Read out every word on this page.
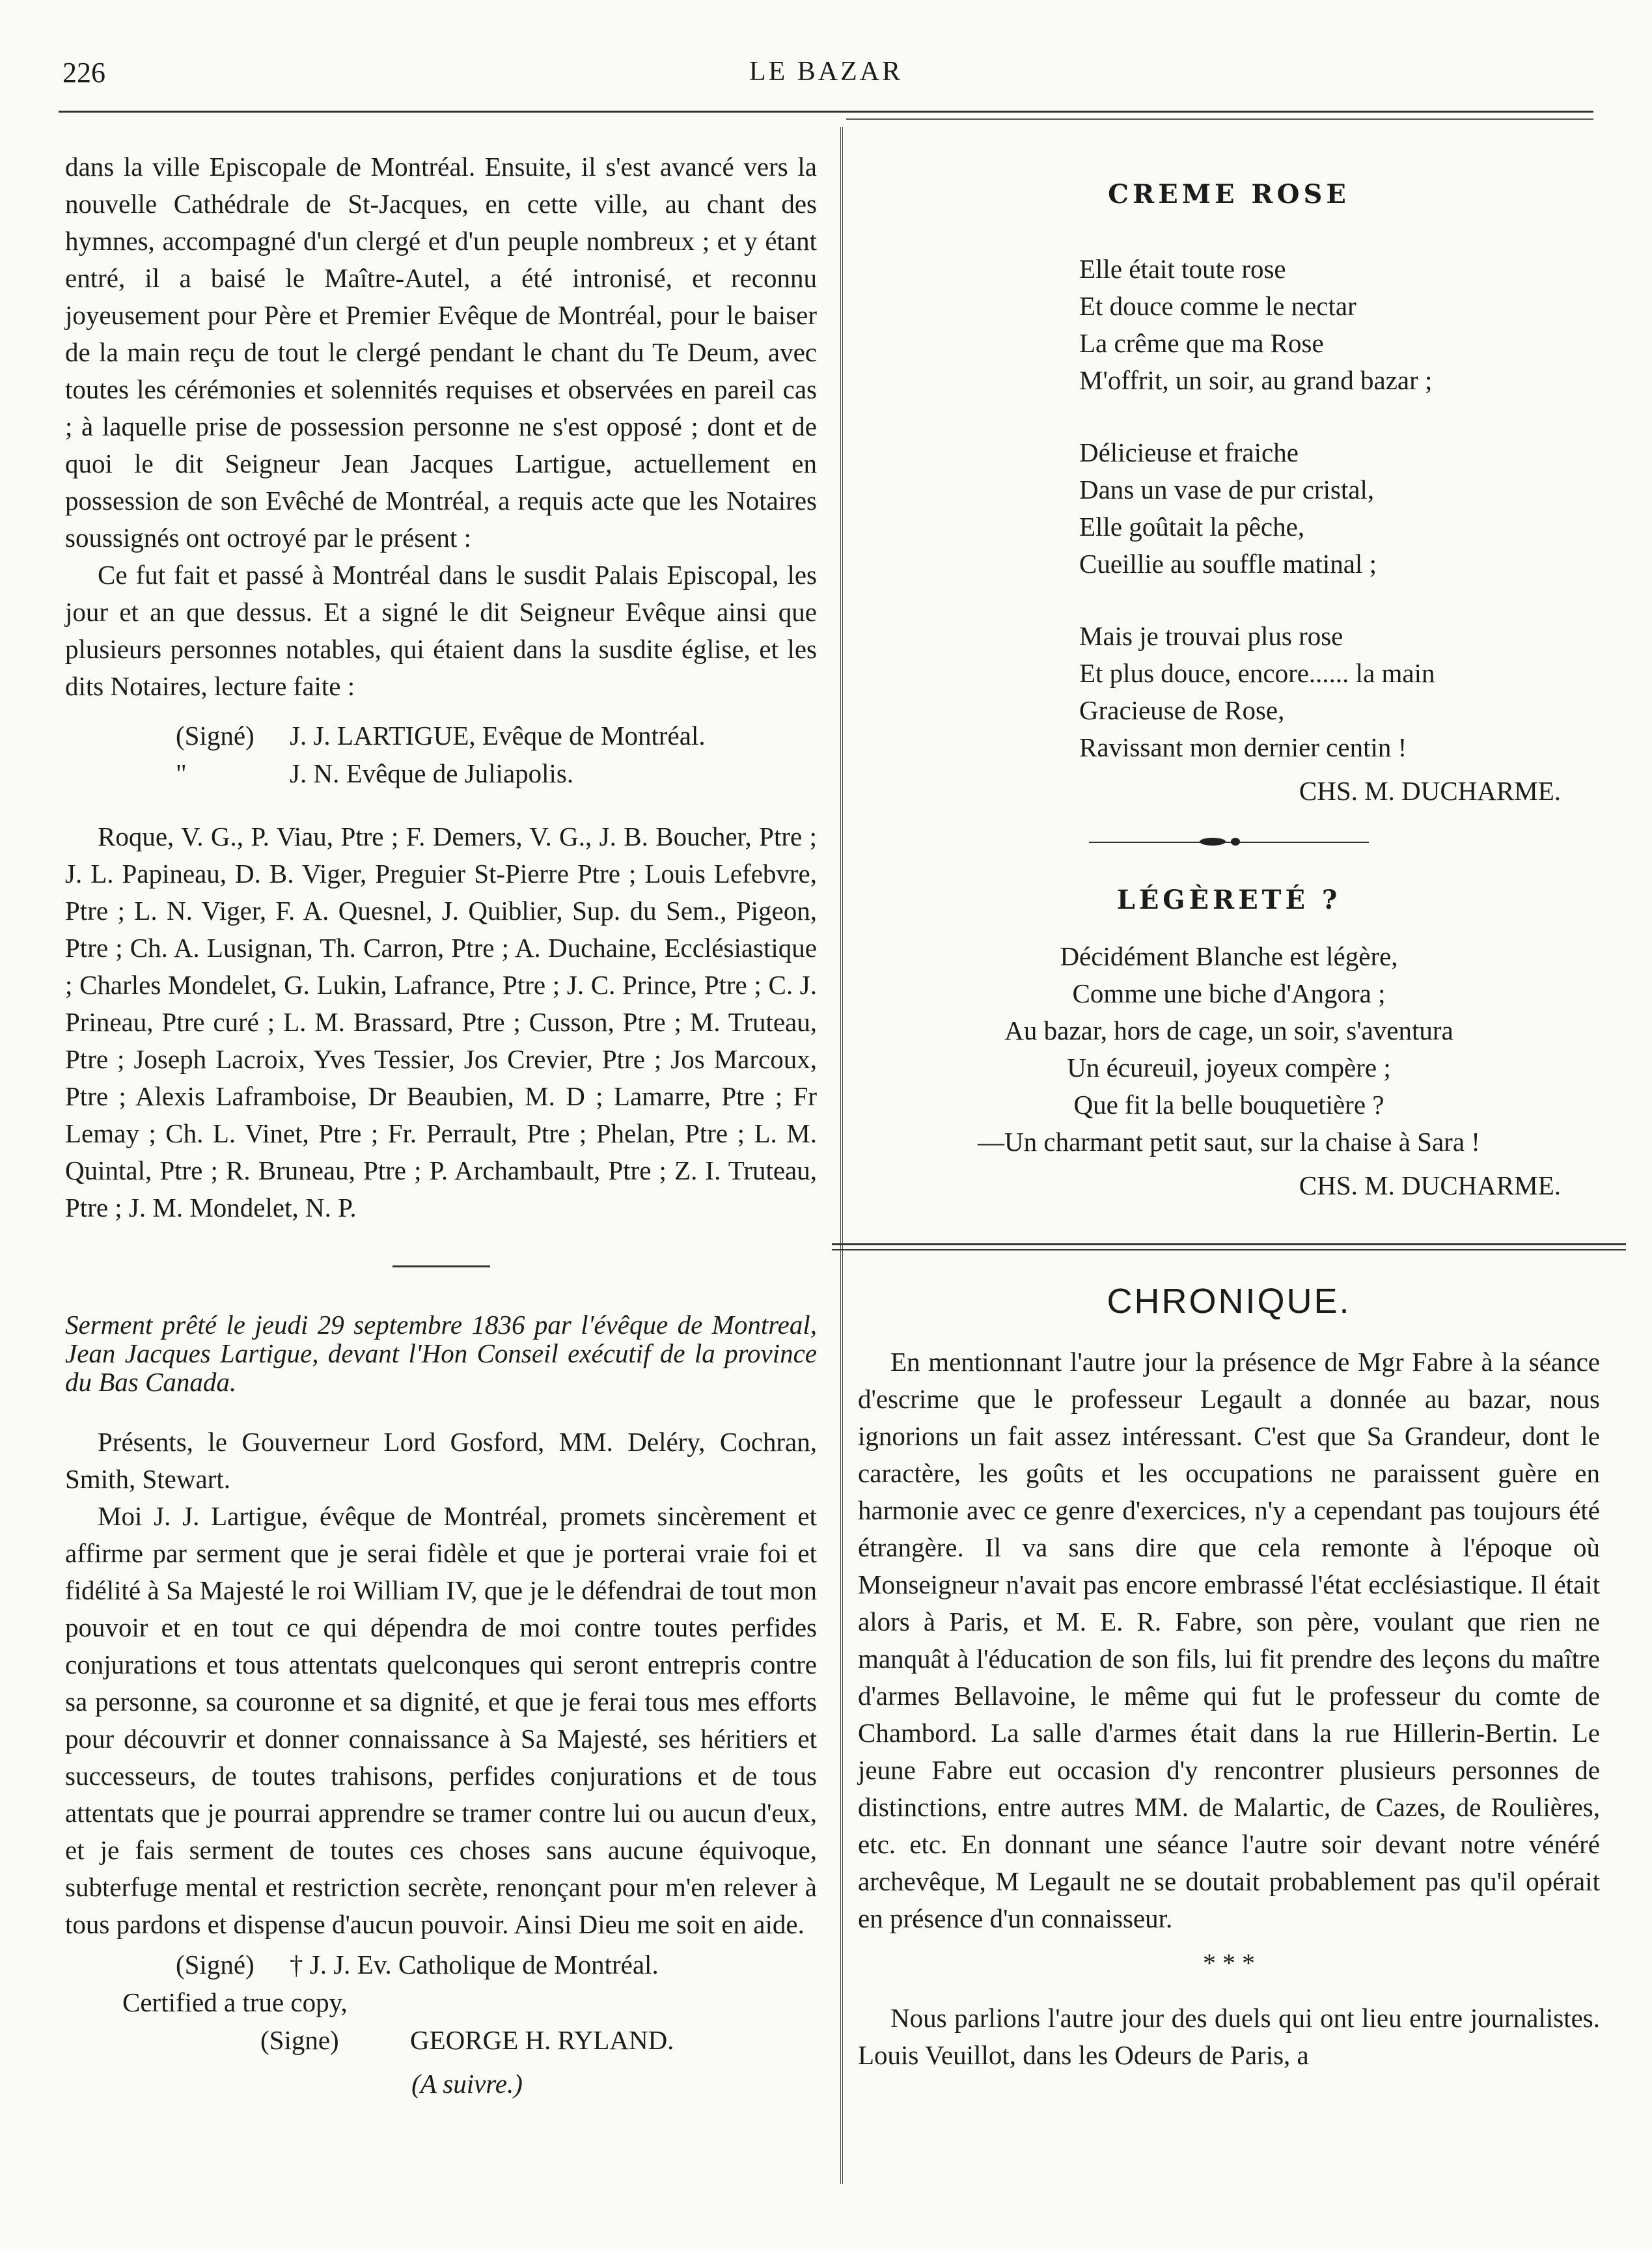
226	LE BAZAR

dans la ville Episcopale de Montréal. Ensuite, il s'est avancé vers la nouvelle Cathédrale de St-Jacques, en cette ville, au chant des hymnes, accompagné d'un clergé et d'un peuple nombreux ; et y étant entré, il a baisé le Maître-Autel, a été intronisé, et reconnu joyeusement pour Père et Premier Evêque de Montréal, pour le baiser de la main reçu de tout le clergé pendant le chant du Te Deum, avec toutes les cérémonies et solennités requises et observées en pareil cas ; à laquelle prise de possession personne ne s'est opposé ; dont et de quoi le dit Seigneur Jean Jacques Lartigue, actuellement en possession de son Evêché de Montréal, a requis acte que les Notaires soussignés ont octroyé par le présent :

Ce fut fait et passé à Montréal dans le susdit Palais Episcopal, les jour et an que dessus. Et a signé le dit Seigneur Evêque ainsi que plusieurs personnes notables, qui étaient dans la susdite église, et les dits Notaires, lecture faite :

(Signé) J. J. LARTIGUE, Evêque de Montréal.
"	J. N. Evêque de Juliapolis.

Roque, V. G., P. Viau, Ptre ; F. Demers, V. G., J. B. Boucher, Ptre ; J. L. Papineau, D. B. Viger, Preguier St-Pierre Ptre ; Louis Lefebvre, Ptre ; L. N. Viger, F. A. Quesnel, J. Quiblier, Sup. du Sem., Pigeon, Ptre ; Ch. A. Lusignan, Th. Carron, Ptre ; A. Duchaine, Ecclésiastique ; Charles Mondelet, G. Lukin, Lafrance, Ptre ; J. C. Prince, Ptre ; C. J. Prineau, Ptre curé ; L. M. Brassard, Ptre ; Cusson, Ptre ; M. Truteau, Ptre ; Joseph Lacroix, Yves Tessier, Jos Crevier, Ptre ; Jos Marcoux, Ptre ; Alexis Laframboise, Dr Beaubien, M. D ; Lamarre, Ptre ; Fr Lemay ; Ch. L. Vinet, Ptre ; Fr. Perrault, Ptre ; Phelan, Ptre ; L. M. Quintal, Ptre ; R. Bruneau, Ptre ; P. Archambault, Ptre ; Z. I. Truteau, Ptre ; J. M. Mondelet, N. P.

Serment prêté le jeudi 29 septembre 1836 par l'évêque de Montreal, Jean Jacques Lartigue, devant l'Hon Conseil exécutif de la province du Bas Canada.

Présents, le Gouverneur Lord Gosford, MM. Deléry, Cochran, Smith, Stewart.

Moi J. J. Lartigue, évêque de Montréal, promets sincèrement et affirme par serment que je serai fidèle et que je porterai vraie foi et fidélité à Sa Majesté le roi William IV, que je le défendrai de tout mon pouvoir et en tout ce qui dépendra de moi contre toutes perfides conjurations et tous attentats quelconques qui seront entrepris contre sa personne, sa couronne et sa dignité, et que je ferai tous mes efforts pour découvrir et donner connaissance à Sa Majesté, ses héritiers et successeurs, de toutes trahisons, perfides conjurations et de tous attentats que je pourrai apprendre se tramer contre lui ou aucun d'eux, et je fais serment de toutes ces choses sans aucune équivoque, subterfuge mental et restriction secrète, renonçant pour m'en relever à tous pardons et dispense d'aucun pouvoir. Ainsi Dieu me soit en aide.

(Signé) † J. J. Ev. Catholique de Montréal.
Certified a true copy,
(Signe)	GEORGE H. RYLAND.
(A suivre.)
CREME ROSE

Elle était toute rose

Et douce comme le nectar

La crême que ma Rose

M'offrit, un soir, au grand bazar ;

Délicieuse et fraiche

Dans un vase de pur cristal,

Elle goûtait la pêche,

Cueillie au souffle matinal ;

Mais je trouvai plus rose

Et plus douce, encore...... la main

Gracieuse de Rose,

Ravissant mon dernier centin !

CHS. M. DUCHARME.

LÉGÈRETÉ ?

Décidément Blanche est légère,

Comme une biche d'Angora ;

Au bazar, hors de cage, un soir, s'aventura

Un écureuil, joyeux compère ;

Que fit la belle bouquetière ?

—Un charmant petit saut, sur la chaise à Sara !

CHS. M. DUCHARME.

CHRONIQUE.

En mentionnant l'autre jour la présence de Mgr Fabre à la séance d'escrime que le professeur Legault a donnée au bazar, nous ignorions un fait assez intéressant. C'est que Sa Grandeur, dont le caractère, les goûts et les occupations ne paraissent guère en harmonie avec ce genre d'exercices, n'y a cependant pas toujours été étrangère. Il va sans dire que cela remonte à l'époque où Monseigneur n'avait pas encore embrassé l'état ecclésiastique. Il était alors à Paris, et M. E. R. Fabre, son père, voulant que rien ne manquât à l'éducation de son fils, lui fit prendre des leçons du maître d'armes Bellavoine, le même qui fut le professeur du comte de Chambord. La salle d'armes était dans la rue Hillerin-Bertin. Le jeune Fabre eut occasion d'y rencontrer plusieurs personnes de distinctions, entre autres MM. de Malartic, de Cazes, de Roulières, etc. etc. En donnant une séance l'autre soir devant notre vénéré archevêque, M Legault ne se doutait probablement pas qu'il opérait en présence d'un connaisseur.

* * *

Nous parlions l'autre jour des duels qui ont lieu entre journalistes. Louis Veuillot, dans les Odeurs de Paris, a
